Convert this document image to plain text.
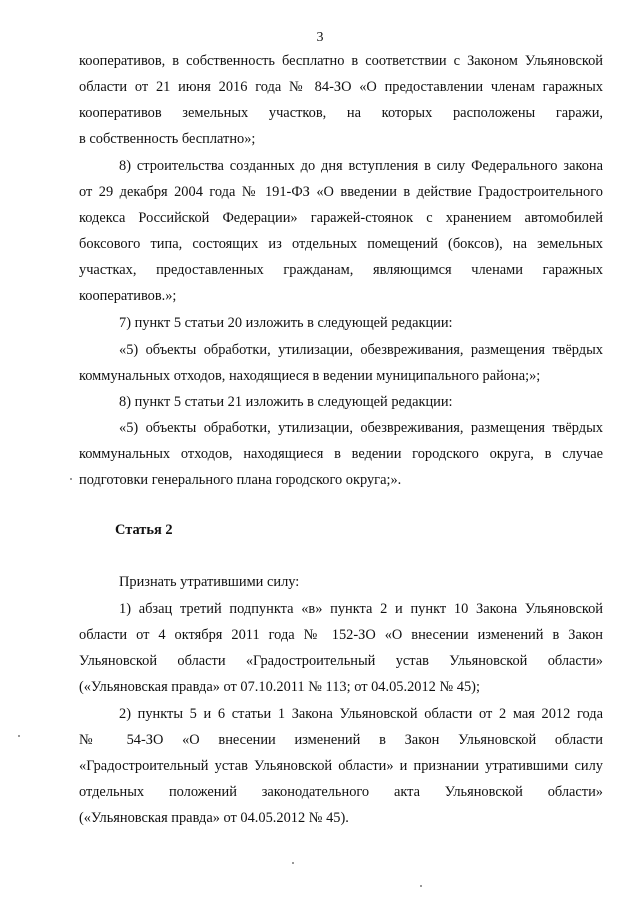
3
кооперативов, в собственность бесплатно в соответствии с Законом Ульяновской
области от 21 июня 2016 года № 84-ЗО «О предоставлении членам гаражных
кооперативов земельных участков, на которых расположены гаражи,
в собственность бесплатно»;
8) строительства созданных до дня вступления в силу Федерального закона
от 29 декабря 2004 года № 191-ФЗ «О введении в действие Градостроительного
кодекса Российской Федерации» гаражей-стоянок с хранением автомобилей
боксового типа, состоящих из отдельных помещений (боксов), на земельных
участках, предоставленных гражданам, являющимся членами гаражных
кооперативов.»;
7) пункт 5 статьи 20 изложить в следующей редакции:
«5) объекты обработки, утилизации, обезвреживания, размещения твёрдых
коммунальных отходов, находящиеся в ведении муниципального района;»;
8) пункт 5 статьи 21 изложить в следующей редакции:
«5) объекты обработки, утилизации, обезвреживания, размещения твёрдых
коммунальных отходов, находящиеся в ведении городского округа, в случае
подготовки генерального плана городского округа;».
Статья 2
Признать утратившими силу:
1) абзац третий подпункта «в» пункта 2 и пункт 10 Закона Ульяновской
области от 4 октября 2011 года № 152-ЗО «О внесении изменений в Закон
Ульяновской области «Градостроительный устав Ульяновской области»
(«Ульяновская правда» от 07.10.2011 № 113; от 04.05.2012 № 45);
2) пункты 5 и 6 статьи 1 Закона Ульяновской области от 2 мая 2012 года
№ 54-ЗО «О внесении изменений в Закон Ульяновской области
«Градостроительный устав Ульяновской области» и признании утратившими силу
отдельных положений законодательного акта Ульяновской области»
(«Ульяновская правда» от 04.05.2012 № 45).
